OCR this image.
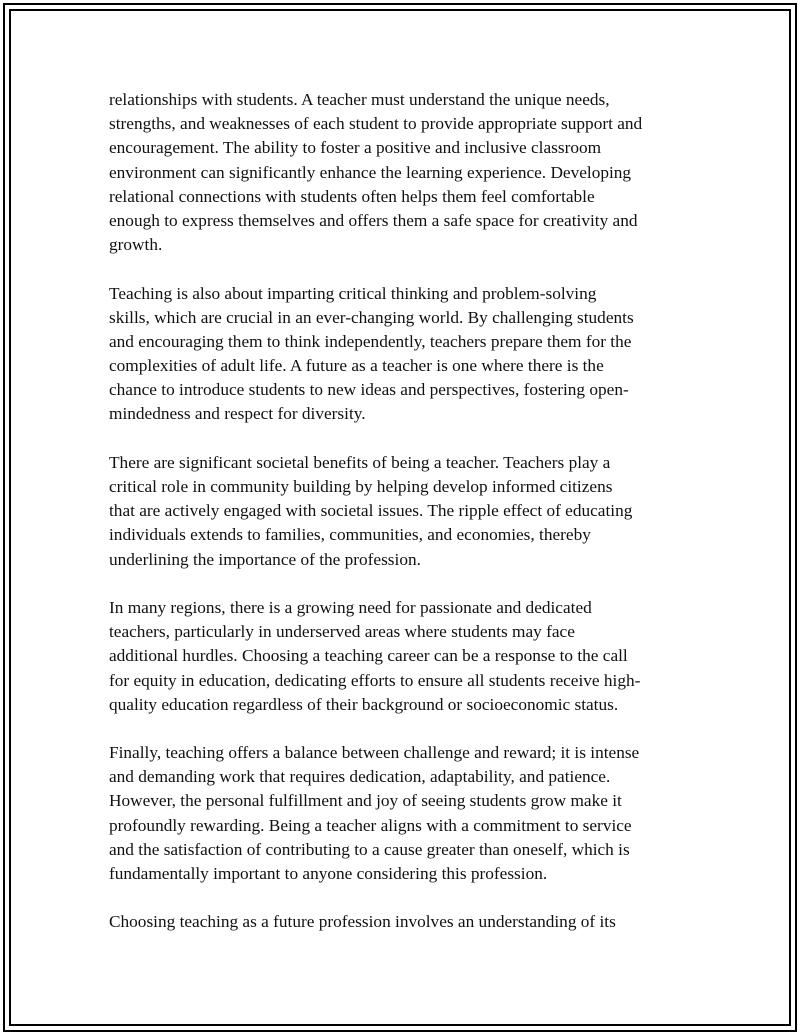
relationships with students. A teacher must understand the unique needs,
strengths, and weaknesses of each student to provide appropriate support and
encouragement. The ability to foster a positive and inclusive classroom
environment can significantly enhance the learning experience. Developing
relational connections with students often helps them feel comfortable
enough to express themselves and offers them a safe space for creativity and
growth.
Teaching is also about imparting critical thinking and problem-solving
skills, which are crucial in an ever-changing world. By challenging students
and encouraging them to think independently, teachers prepare them for the
complexities of adult life. A future as a teacher is one where there is the
chance to introduce students to new ideas and perspectives, fostering open-
mindedness and respect for diversity.
There are significant societal benefits of being a teacher. Teachers play a
critical role in community building by helping develop informed citizens
that are actively engaged with societal issues. The ripple effect of educating
individuals extends to families, communities, and economies, thereby
underlining the importance of the profession.
In many regions, there is a growing need for passionate and dedicated
teachers, particularly in underserved areas where students may face
additional hurdles. Choosing a teaching career can be a response to the call
for equity in education, dedicating efforts to ensure all students receive high-
quality education regardless of their background or socioeconomic status.
Finally, teaching offers a balance between challenge and reward; it is intense
and demanding work that requires dedication, adaptability, and patience.
However, the personal fulfillment and joy of seeing students grow make it
profoundly rewarding. Being a teacher aligns with a commitment to service
and the satisfaction of contributing to a cause greater than oneself, which is
fundamentally important to anyone considering this profession.
Choosing teaching as a future profession involves an understanding of its
